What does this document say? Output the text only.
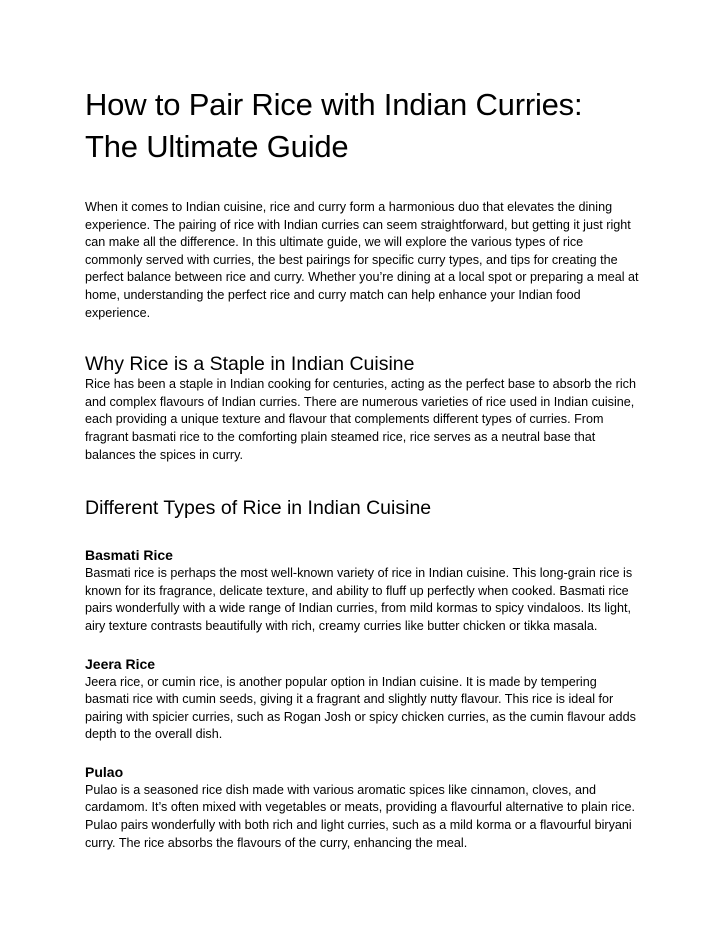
How to Pair Rice with Indian Curries: The Ultimate Guide

When it comes to Indian cuisine, rice and curry form a harmonious duo that elevates the dining experience. The pairing of rice with Indian curries can seem straightforward, but getting it just right can make all the difference. In this ultimate guide, we will explore the various types of rice commonly served with curries, the best pairings for specific curry types, and tips for creating the perfect balance between rice and curry. Whether you’re dining at a local spot or preparing a meal at home, understanding the perfect rice and curry match can help enhance your Indian food experience.

Why Rice is a Staple in Indian Cuisine

Rice has been a staple in Indian cooking for centuries, acting as the perfect base to absorb the rich and complex flavours of Indian curries. There are numerous varieties of rice used in Indian cuisine, each providing a unique texture and flavour that complements different types of curries. From fragrant basmati rice to the comforting plain steamed rice, rice serves as a neutral base that balances the spices in curry.

Different Types of Rice in Indian Cuisine
Basmati Rice

Basmati rice is perhaps the most well-known variety of rice in Indian cuisine. This long-grain rice is known for its fragrance, delicate texture, and ability to fluff up perfectly when cooked. Basmati rice pairs wonderfully with a wide range of Indian curries, from mild kormas to spicy vindaloos. Its light, airy texture contrasts beautifully with rich, creamy curries like butter chicken or tikka masala.

Jeera Rice

Jeera rice, or cumin rice, is another popular option in Indian cuisine. It is made by tempering basmati rice with cumin seeds, giving it a fragrant and slightly nutty flavour. This rice is ideal for pairing with spicier curries, such as Rogan Josh or spicy chicken curries, as the cumin flavour adds depth to the overall dish.

Pulao

Pulao is a seasoned rice dish made with various aromatic spices like cinnamon, cloves, and cardamom. It’s often mixed with vegetables or meats, providing a flavourful alternative to plain rice. Pulao pairs wonderfully with both rich and light curries, such as a mild korma or a flavourful biryani curry. The rice absorbs the flavours of the curry, enhancing the meal.
